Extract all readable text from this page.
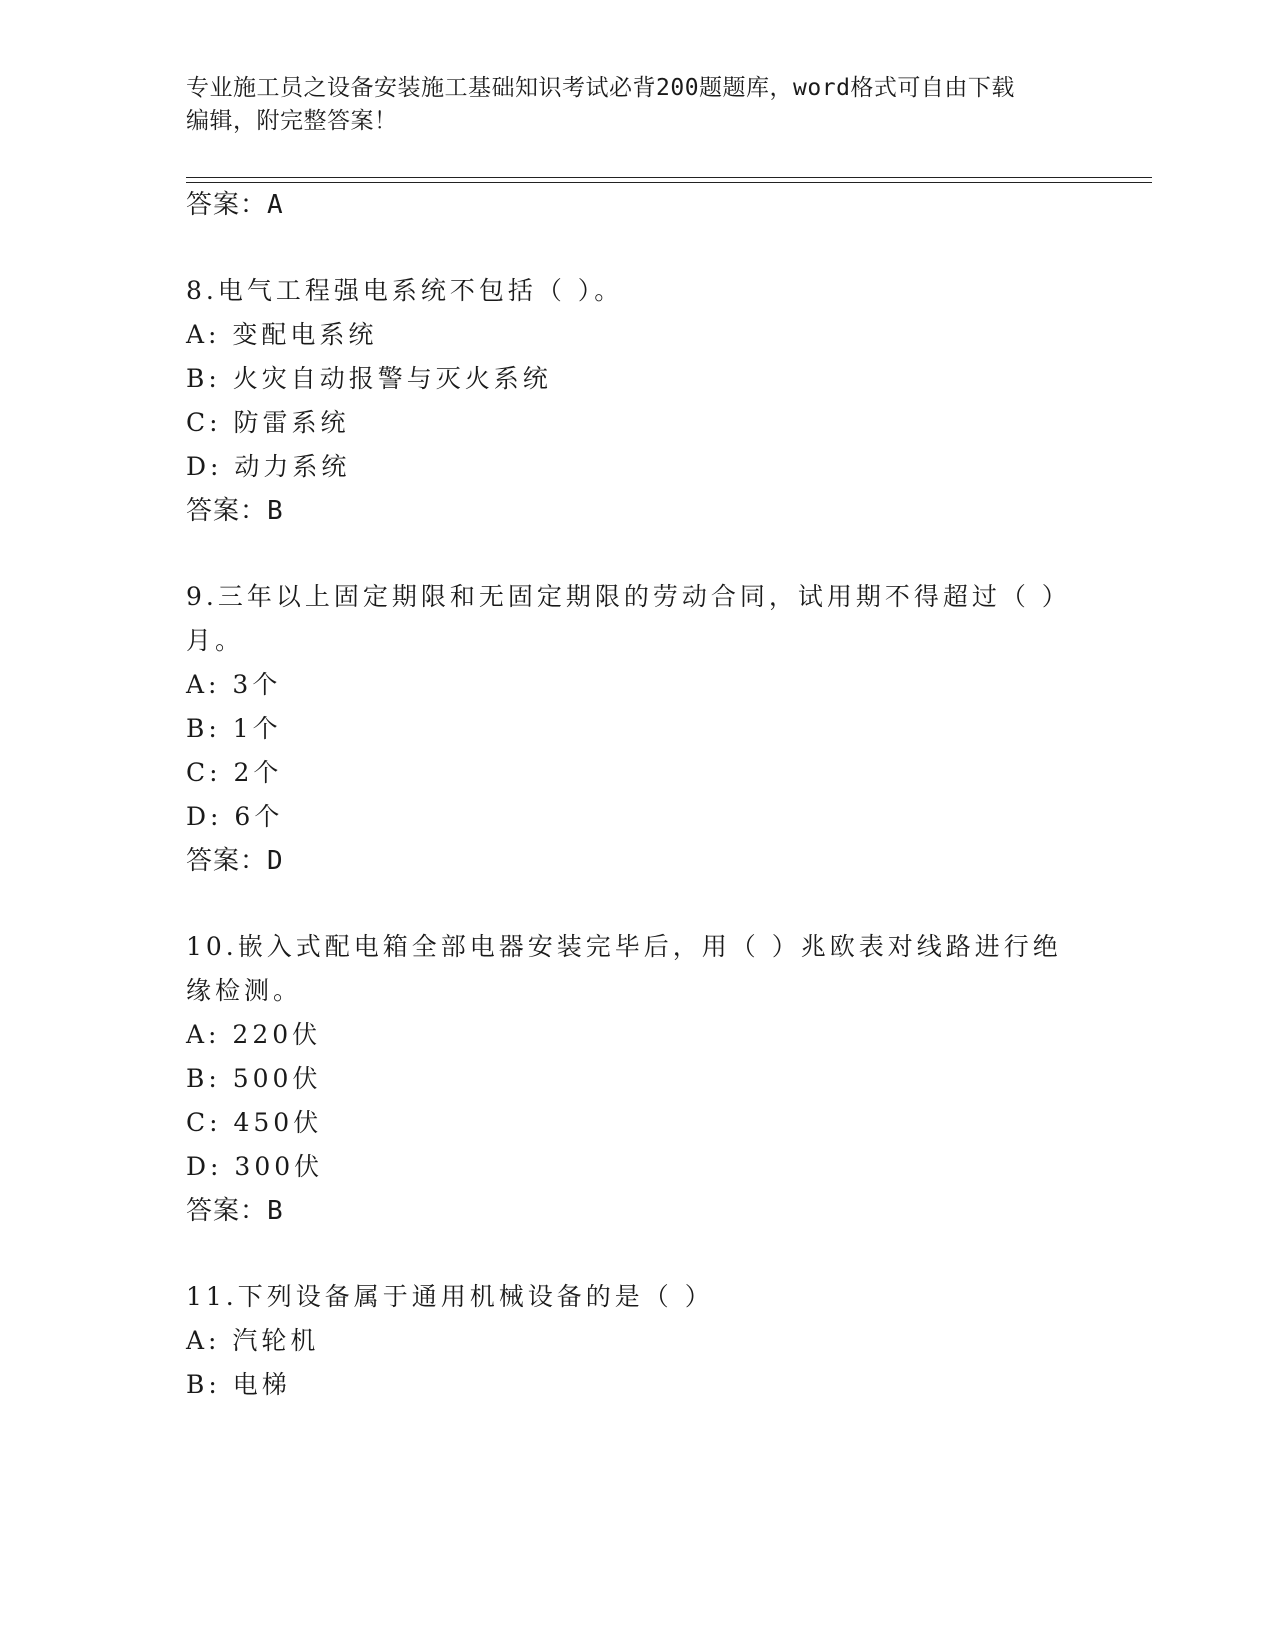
专业施工员之设备安装施工基础知识考试必背200题题库，word格式可自由下载
编辑，附完整答案！
答案：A
8.电气工程强电系统不包括（ ）。
A: 变配电系统
B: 火灾自动报警与灭火系统
C: 防雷系统
D: 动力系统
答案：B
9.三年以上固定期限和无固定期限的劳动合同，试用期不得超过（ ）
月。
A: 3个
B: 1个
C: 2个
D: 6个
答案：D
10.嵌入式配电箱全部电器安装完毕后，用（ ）兆欧表对线路进行绝
缘检测。
A: 220伏
B: 500伏
C: 450伏
D: 300伏
答案：B
11.下列设备属于通用机械设备的是（ ）
A: 汽轮机
B: 电梯
